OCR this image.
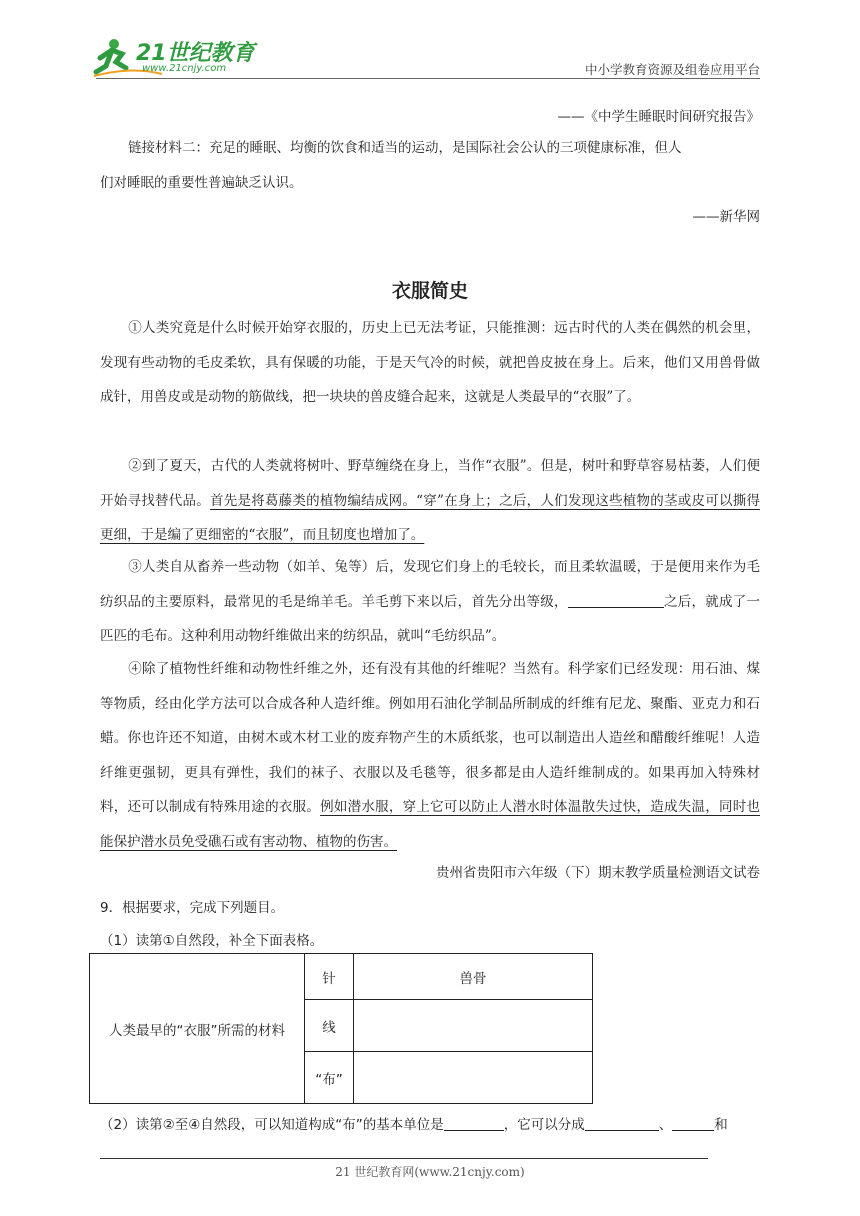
21世纪教育
www.21cnjy.com	中小学教育资源及组卷应用平台
——《中学生睡眠时间研究报告》
链接材料二：充足的睡眠、均衡的饮食和适当的运动，是国际社会公认的三项健康标准，但人
们对睡眠的重要性普遍缺乏认识。
——新华网
衣服简史
①人类究竟是什么时候开始穿衣服的，历史上已无法考证，只能推测：远古时代的人类在偶然的机会里，发现有些动物的毛皮柔软，具有保暖的功能，于是天气冷的时候，就把兽皮披在身上。后来，他们又用兽骨做成针，用兽皮或是动物的筋做线，把一块块的兽皮缝合起来，这就是人类最早的“衣服”了。
②到了夏天，古代的人类就将树叶、野草缠绕在身上，当作“衣服”。但是，树叶和野草容易枯萎，人们便开始寻找替代品。首先是将葛藤类的植物编结成网。“穿”在身上；之后，人们发现这些植物的茎或皮可以撕得更细，于是编了更细密的“衣服”，而且韧度也增加了。
③人类自从畜养一些动物（如羊、兔等）后，发现它们身上的毛较长，而且柔软温暖，于是便用来作为毛纺织品的主要原料，最常见的毛是绵羊毛。羊毛剪下来以后，首先分出等级，	之后，就成了一匹匹的毛布。这种利用动物纤维做出来的纺织品，就叫“毛纺织品”。
④除了植物性纤维和动物性纤维之外，还有没有其他的纤维呢？当然有。科学家们已经发现：用石油、煤等物质，经由化学方法可以合成各种人造纤维。例如用石油化学制品所制成的纤维有尼龙、聚酯、亚克力和石蜡。你也许还不知道，由树木或木材工业的废弃物产生的木质纸浆，也可以制造出人造丝和醋酸纤维呢！人造纤维更强韧，更具有弹性，我们的袜子、衣服以及毛毯等，很多都是由人造纤维制成的。如果再加入特殊材料，还可以制成有特殊用途的衣服。例如潜水服，穿上它可以防止人潜水时体温散失过快，造成失温，同时也能保护潜水员免受礁石或有害动物、植物的伤害。
贵州省贵阳市六年级（下）期末教学质量检测语文试卷
9．根据要求，完成下列题目。
（1）读第①自然段，补全下面表格。
人类最早的“衣服”所需的材料	针	兽骨
	线	
	“布”	
（2）读第②至④自然段，可以知道构成“布”的基本单位是	，它可以分成	、	和
21 世纪教育网(www.21cnjy.com)
